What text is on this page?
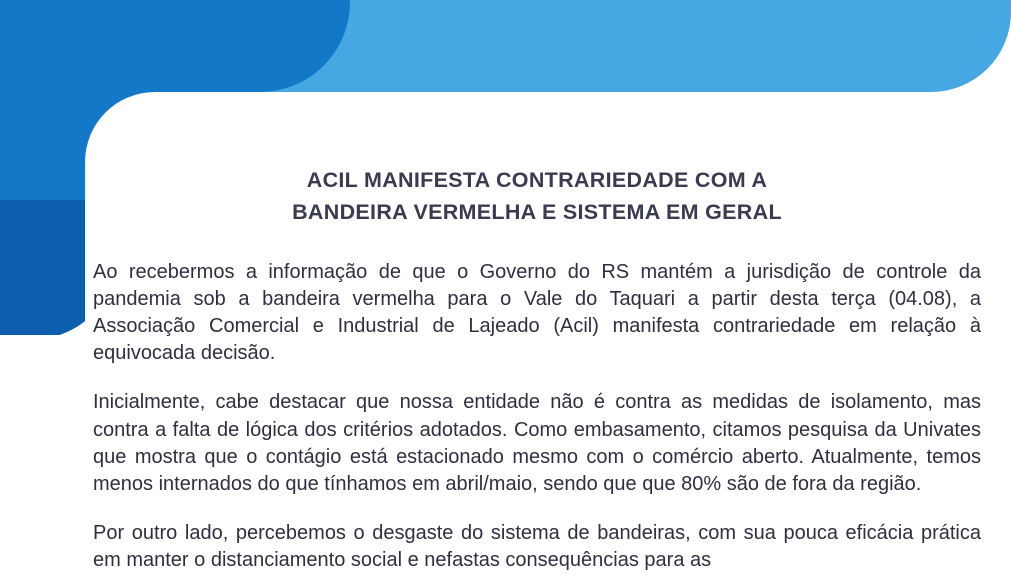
ACIL MANIFESTA CONTRARIEDADE COM A
BANDEIRA VERMELHA E SISTEMA EM GERAL

Ao recebermos a informação de que o Governo do RS mantém a jurisdição de controle da pandemia sob a bandeira vermelha para o Vale do Taquari a partir desta terça (04.08), a Associação Comercial e Industrial de Lajeado (Acil) manifesta contrariedade em relação à equivocada decisão.

Inicialmente, cabe destacar que nossa entidade não é contra as medidas de isolamento, mas contra a falta de lógica dos critérios adotados. Como embasamento, citamos pesquisa da Univates que mostra que o contágio está estacionado mesmo com o comércio aberto. Atualmente, temos menos internados do que tínhamos em abril/maio, sendo que que 80% são de fora da região.

Por outro lado, percebemos o desgaste do sistema de bandeiras, com sua pouca eficácia prática em manter o distanciamento social e nefastas consequências para as
